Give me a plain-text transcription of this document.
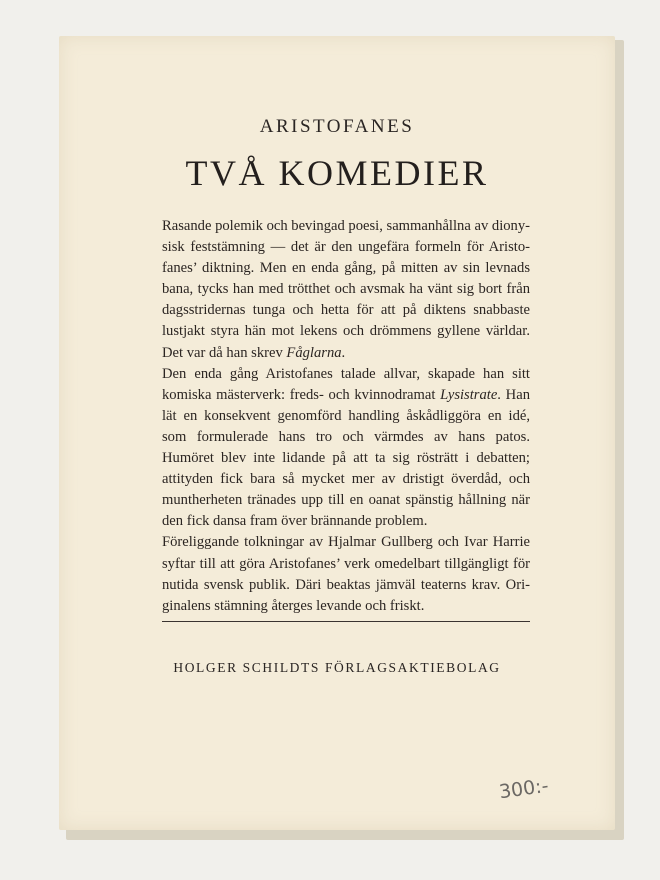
ARISTOFANES
TVÅ KOMEDIER

Rasande polemik och bevingad poesi, sammanhållna av dionysisk feststämning — det är den ungefära formeln för Aristofanes’ diktning. Men en enda gång, på mitten av sin levnads bana, tycks han med trötthet och avsmak ha vänt sig bort från dagsstridernas tunga och hetta för att på diktens snabbaste lustjakt styra hän mot lekens och drömmens gyllene världar. Det var då han skrev Fåglarna.

Den enda gång Aristofanes talade allvar, skapade han sitt komiska mästerverk: freds- och kvinnodramat Lysistrate. Han lät en konsekvent genomförd handling åskådliggöra en idé, som formulerade hans tro och värmdes av hans patos. Humöret blev inte lidande på att ta sig rösträtt i debatten; attityden fick bara så mycket mer av dristigt överdåd, och muntherheten tränades upp till en oanat spänstig hållning när den fick dansa fram över brännande problem.

Föreliggande tolkningar av Hjalmar Gullberg och Ivar Harrie syftar till att göra Aristofanes’ verk omedelbart tillgängligt för nutida svensk publik. Däri beaktas jämväl teaterns krav. Originalens stämning återges levande och friskt.

HOLGER SCHILDTS FÖRLAGSAKTIEBOLAG
300:-
